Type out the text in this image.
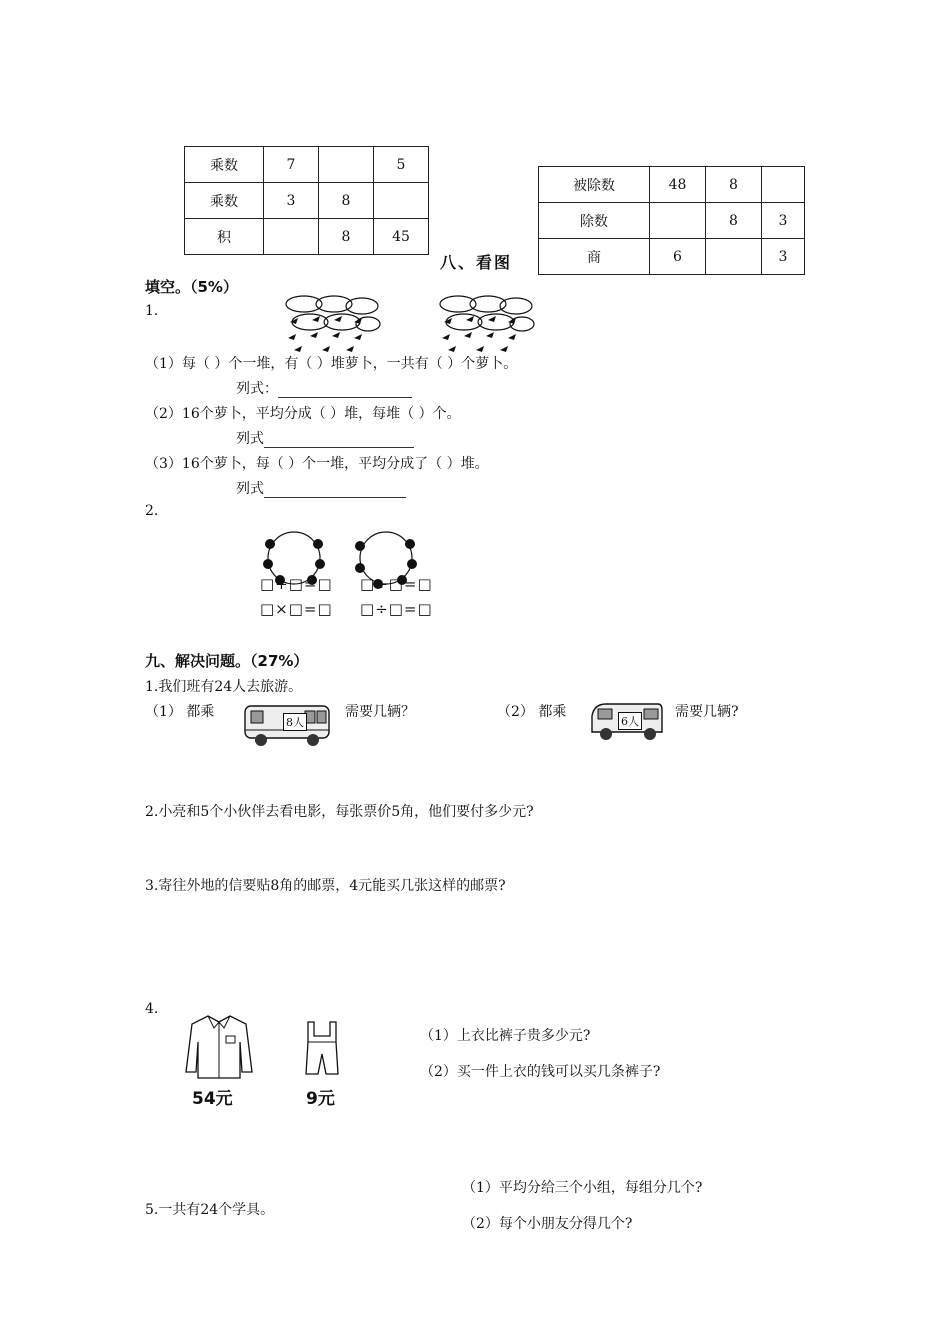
乘数	7		5
乘数	3	8	
积		8	45
被除数	48	8	
除数		8	3
商	6		3
八、看图
填空。（5%）
1.
（1）每（ ）个一堆，有（ ）堆萝卜，一共有（ ）个萝卜。
列式：
（2）16个萝卜，平均分成（ ）堆，每堆（ ）个。
列式
（3）16个萝卜，每（ ）个一堆，平均分成了（ ）堆。
列式
2.
□+□=□ □÷□=□
□×□=□ □÷□=□
九、解决问题。（27%）
1.我们班有24人去旅游。
（1） 都乘
8人
需要几辆？	（2） 都乘
6人
需要几辆?
2.小亮和5个小伙伴去看电影，每张票价5角，他们要付多少元?
3.寄往外地的信要贴8角的邮票，4元能买几张这样的邮票?
4.
54元	9元
（1）上衣比裤子贵多少元?
（2）买一件上衣的钱可以买几条裤子?
（1）平均分给三个小组，每组分几个?
5.一共有24个学具。
（2）每个小朋友分得几个?
